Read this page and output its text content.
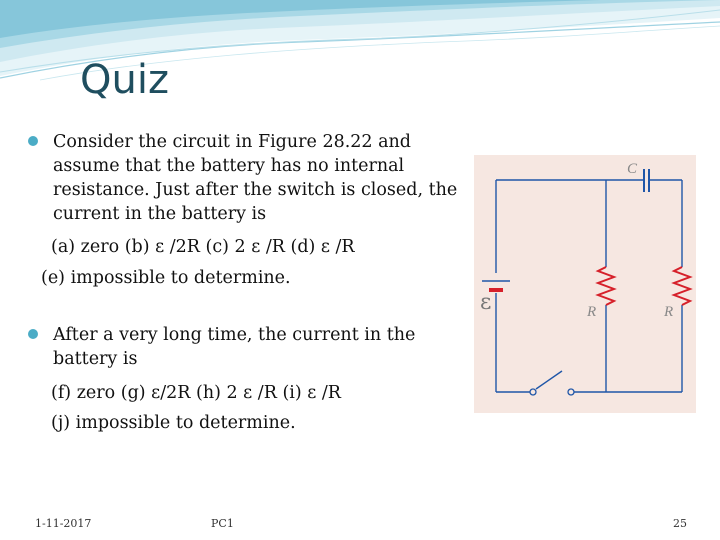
Quiz
Consider the circuit in Figure 28.22 and
assume that the battery has no internal
resistance. Just after the switch is closed, the
current in the battery is
(a) zero (b) ε /2R (c) 2 ε /R (d) ε /R
(e) impossible to determine.
After a very long time, the current in the
battery is
(f) zero (g) ε/2R (h) 2 ε /R (i) ε /R
(j) impossible to determine.
C
ε	R	R
1-11-2017	PC1	25
